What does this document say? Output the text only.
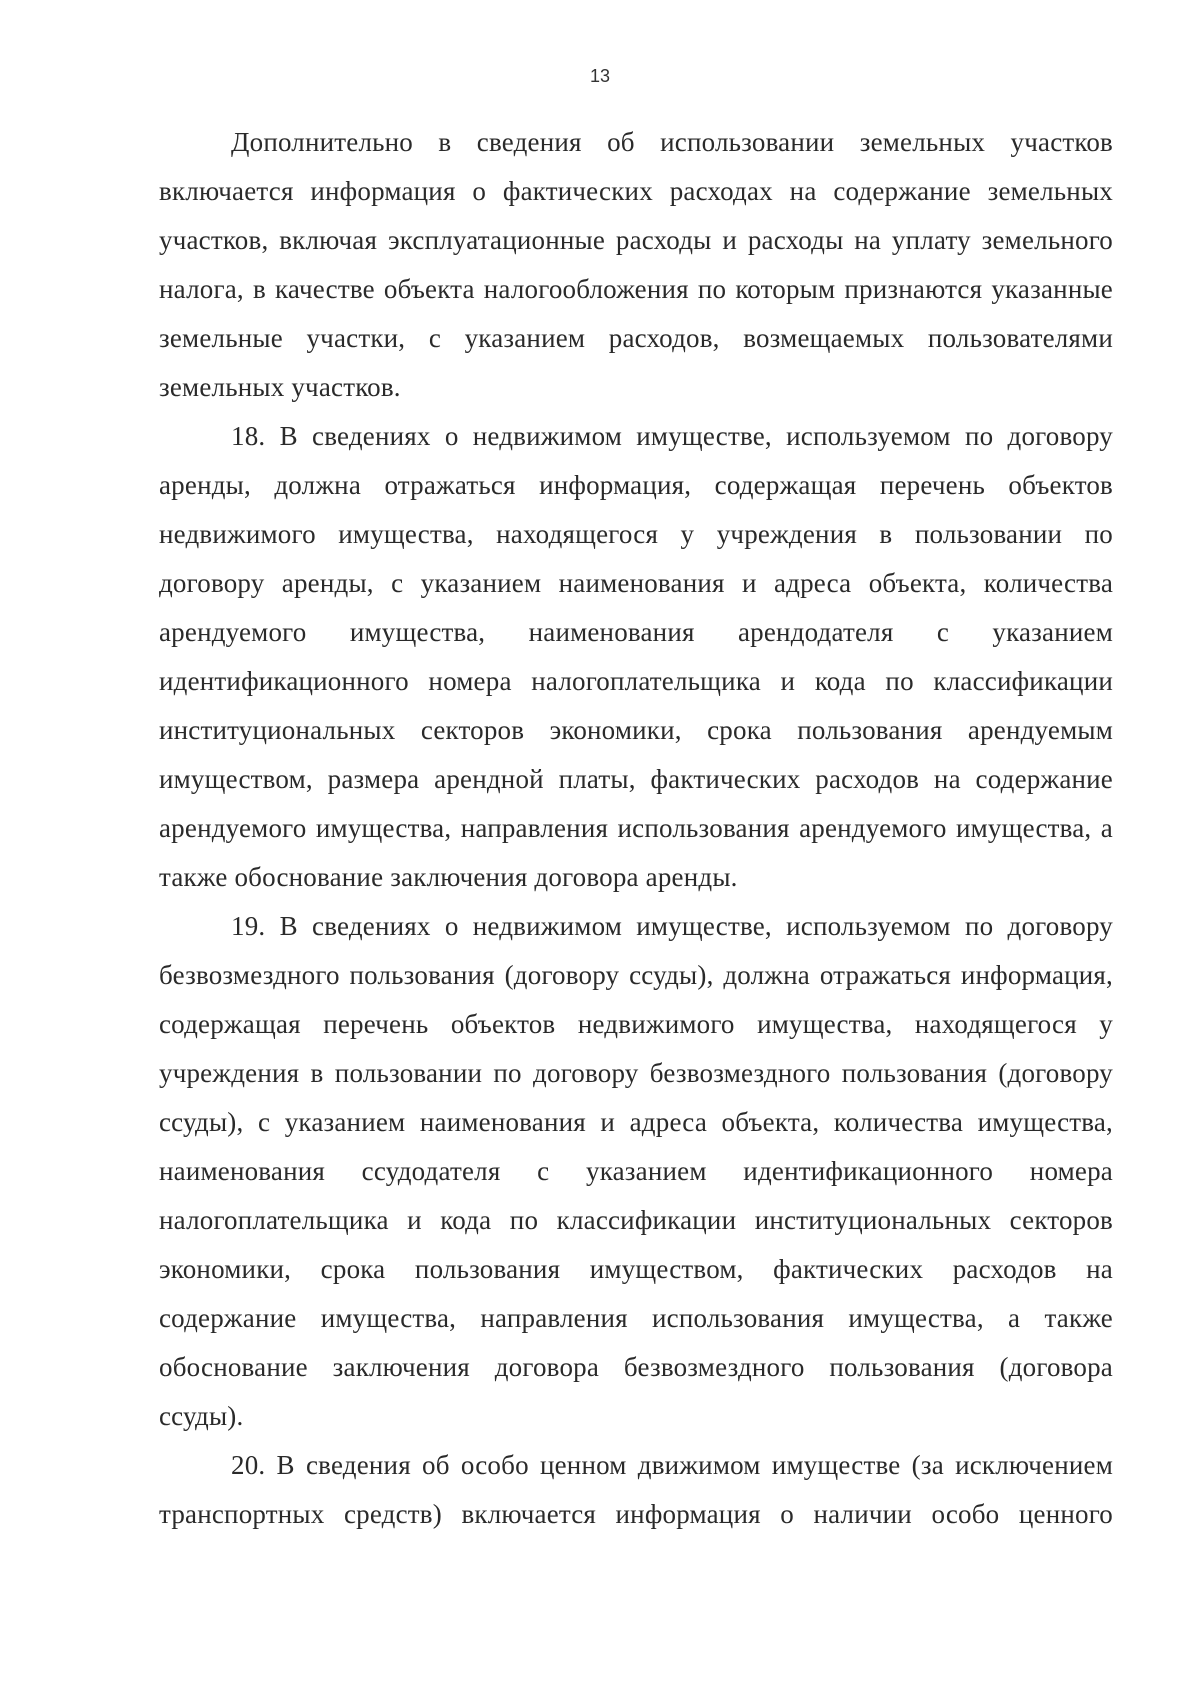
13

Дополнительно в сведения об использовании земельных участков включается информация о фактических расходах на содержание земельных участков, включая эксплуатационные расходы и расходы на уплату земельного налога, в качестве объекта налогообложения по которым признаются указанные земельные участки, с указанием расходов, возмещаемых пользователями земельных участков.

18. В сведениях о недвижимом имуществе, используемом по договору аренды, должна отражаться информация, содержащая перечень объектов недвижимого имущества, находящегося у учреждения в пользовании по договору аренды, с указанием наименования и адреса объекта, количества арендуемого имущества, наименования арендодателя с указанием идентификационного номера налогоплательщика и кода по классификации институциональных секторов экономики, срока пользования арендуемым имуществом, размера арендной платы, фактических расходов на содержание арендуемого имущества, направления использования арендуемого имущества, а также обоснование заключения договора аренды.

19. В сведениях о недвижимом имуществе, используемом по договору безвозмездного пользования (договору ссуды), должна отражаться информация, содержащая перечень объектов недвижимого имущества, находящегося у учреждения в пользовании по договору безвозмездного пользования (договору ссуды), с указанием наименования и адреса объекта, количества имущества, наименования ссудодателя с указанием идентификационного номера налогоплательщика и кода по классификации институциональных секторов экономики, срока пользования имуществом, фактических расходов на содержание имущества, направления использования имущества, а также обоснование заключения договора безвозмездного пользования (договора ссуды).

20. В сведения об особо ценном движимом имуществе (за исключением транспортных средств) включается информация о наличии особо ценного
